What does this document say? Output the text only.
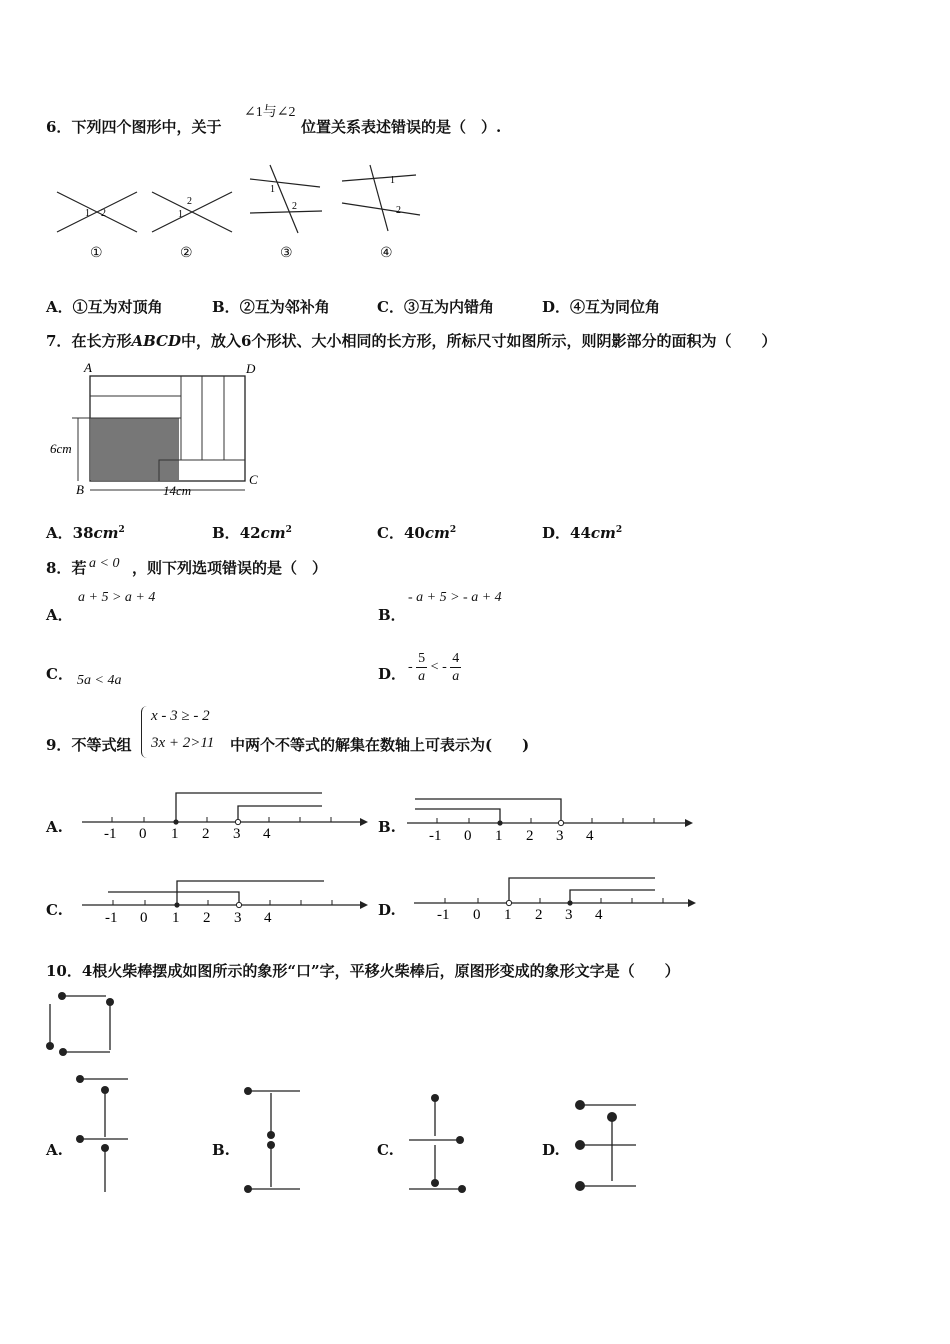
6．下列四个图形中，关于
∠1与∠2
位置关系表述错误的是（　）.
1 2	1
2
1
2
1
2
①	②	③	④
A．①互为对顶角	B．②互为邻补角	C．③互为内错角	D．④互为同位角
7．在长方形ABCD中，放入6个形状、大小相同的长方形，所标尺寸如图所示，则阴影部分的面积为（　　）
A	D
B
C
6cm
14cm
A．$38cm^2$	B．$42cm^2$	C．$40cm^2$	D．$44cm^2$
8．若 a < 0 ，则下列选项错误的是（　）
A．
a + 5 > a + 4
B．
- a + 5 > - a + 4
C． 5a < 4a	D． - $\frac{5}{a}$ < - $\frac{4}{a}$
9．不等式组
x - 3 ≥ - 2
3x + 2>11 中两个不等式的解集在数轴上可表示为(　　)
A.	-1 0 1 2 3 4	B. -1 0 1 2 3 4
C.	-1 0 1 2 3 4	D.	-1 0 1 2 3 4
10．4根火柴棒摆成如图所示的象形“口”字，平移火柴棒后，原图形变成的象形文字是（　　）
A.	B.	C.	D.
